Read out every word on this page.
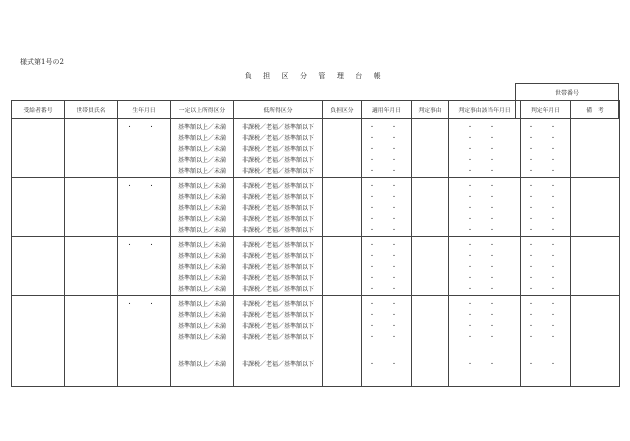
様式第1号の2
負 担 区 分 管 理 台 帳
世帯番号

受給者番号	世帯員氏名	生年月日	一定以上所得区分	低所得区分	負担区分	適用年月日	判定事由	判定事由該当年月日	判定年月日	備　考

		・ ・	基準額以上／未満	非課税／老福／基準額以下		・ ・		・ ・	・ ・	
			基準額以上／未満	非課税／老福／基準額以下		・ ・		・ ・	・ ・	
			基準額以上／未満	非課税／老福／基準額以下		・ ・		・ ・	・ ・	
			基準額以上／未満	非課税／老福／基準額以下		・ ・		・ ・	・ ・	
			基準額以上／未満	非課税／老福／基準額以下		・ ・		・ ・	・ ・	

		・ ・	基準額以上／未満	非課税／老福／基準額以下		・ ・		・ ・	・ ・	
			基準額以上／未満	非課税／老福／基準額以下		・ ・		・ ・	・ ・	
			基準額以上／未満	非課税／老福／基準額以下		・ ・		・ ・	・ ・	
			基準額以上／未満	非課税／老福／基準額以下		・ ・		・ ・	・ ・	
			基準額以上／未満	非課税／老福／基準額以下		・ ・		・ ・	・ ・	

		・ ・	基準額以上／未満	非課税／老福／基準額以下		・ ・		・ ・	・ ・	
			基準額以上／未満	非課税／老福／基準額以下		・ ・		・ ・	・ ・	
			基準額以上／未満	非課税／老福／基準額以下		・ ・		・ ・	・ ・	
			基準額以上／未満	非課税／老福／基準額以下		・ ・		・ ・	・ ・	
			基準額以上／未満	非課税／老福／基準額以下		・ ・		・ ・	・ ・	

		・ ・	基準額以上／未満	非課税／老福／基準額以下		・ ・		・ ・	・ ・	
			基準額以上／未満	非課税／老福／基準額以下		・ ・		・ ・	・ ・	
			基準額以上／未満	非課税／老福／基準額以下		・ ・		・ ・	・ ・	
			基準額以上／未満	非課税／老福／基準額以下		・ ・		・ ・	・ ・	
			基準額以上／未満	非課税／老福／基準額以下		・ ・		・ ・	・ ・	
